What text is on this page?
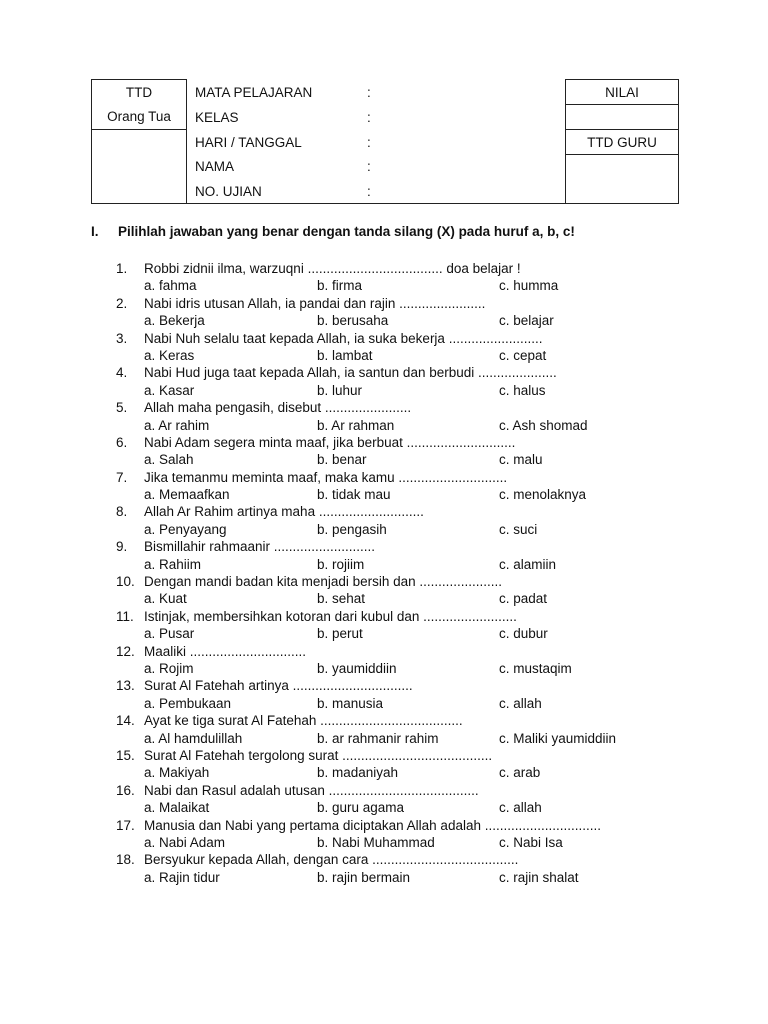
TTD	MATA PELAJARAN :	NILAI
Orang Tua	KELAS :	
	HARI / TANGGAL :	TTD GURU
	NAMA :	
	NO. UJIAN :	
I. Pilihlah jawaban yang benar dengan tanda silang (X) pada huruf a, b, c!
1. Robbi zidnii ilma, warzuqni .................................... doa belajar !
a. fahma	b. firma	c. humma
2. Nabi idris utusan Allah, ia pandai dan rajin .......................
a. Bekerja	b. berusaha	c. belajar
3. Nabi Nuh selalu taat kepada Allah, ia suka bekerja .........................
a. Keras	b. lambat	c. cepat
4. Nabi Hud juga taat kepada Allah, ia santun dan berbudi .....................
a. Kasar	b. luhur	c. halus
5. Allah maha pengasih, disebut .......................
a. Ar rahim	b. Ar rahman	c. Ash shomad
6. Nabi Adam segera minta maaf, jika berbuat .............................
a. Salah	b. benar	c. malu
7. Jika temanmu meminta maaf, maka kamu .............................
a. Memaafkan	b. tidak mau	c. menolaknya
8. Allah Ar Rahim artinya maha ............................
a. Penyayang	b. pengasih	c. suci
9. Bismillahir rahmaanir ...........................
a. Rahiim	b. rojiim	c. alamiin
10. Dengan mandi badan kita menjadi bersih dan ......................
a. Kuat	b. sehat	c. padat
11. Istinjak, membersihkan kotoran dari kubul dan .........................
a. Pusar	b. perut	c. dubur
12. Maaliki ...............................
a. Rojim	b. yaumiddiin	c. mustaqim
13. Surat Al Fatehah artinya ................................
a. Pembukaan	b. manusia	c. allah
14. Ayat ke tiga surat Al Fatehah ......................................
a. Al hamdulillah	b. ar rahmanir rahim	c. Maliki yaumiddiin
15. Surat Al Fatehah tergolong surat ........................................
a. Makiyah	b. madaniyah	c. arab
16. Nabi dan Rasul adalah utusan ........................................
a. Malaikat	b. guru agama	c. allah
17. Manusia dan Nabi yang pertama diciptakan Allah adalah ...............................
a. Nabi Adam	b. Nabi Muhammad	c. Nabi Isa
18. Bersyukur kepada Allah, dengan cara .......................................
a. Rajin tidur	b. rajin bermain	c. rajin shalat
